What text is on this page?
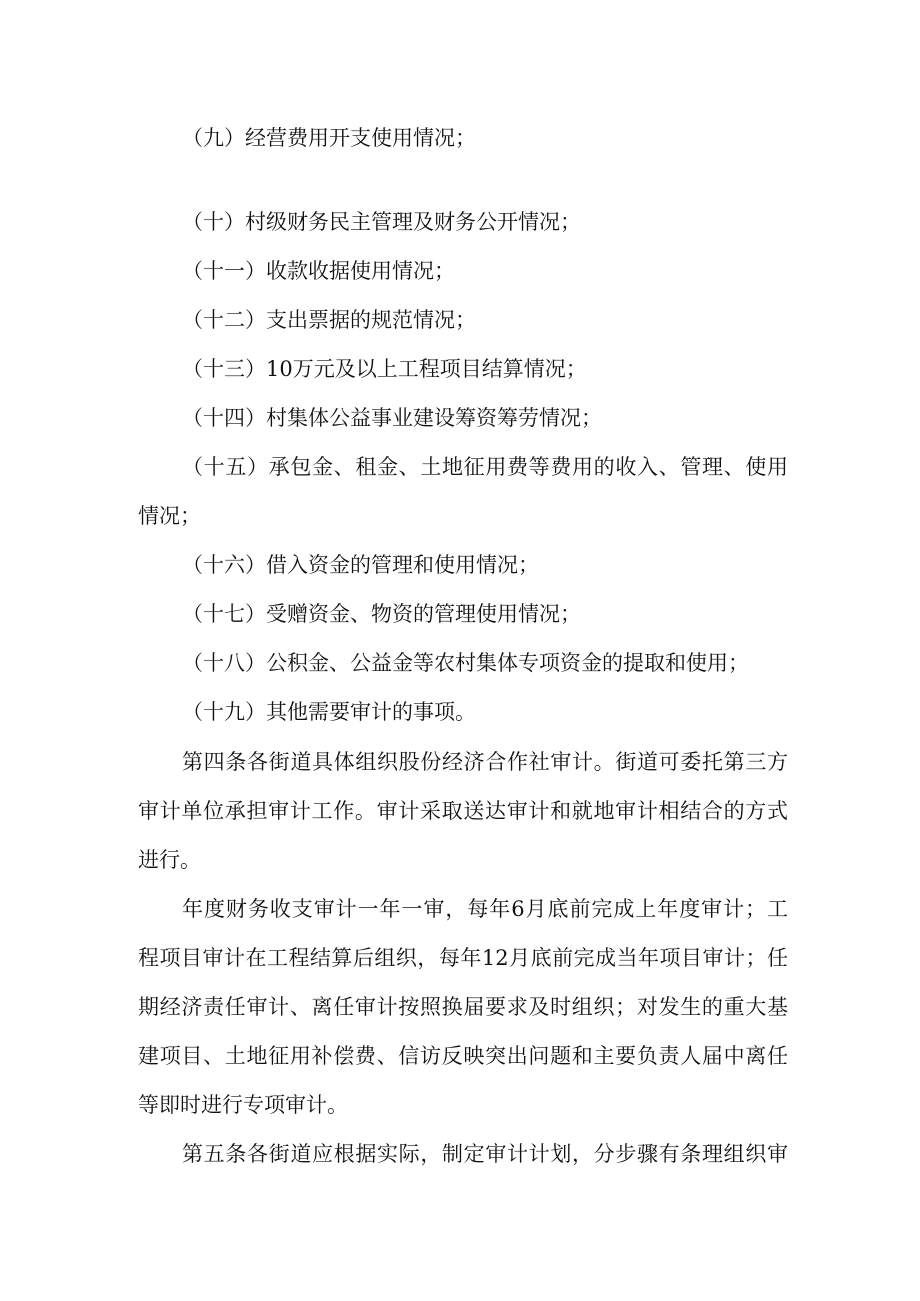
（九）经营费用开支使用情况；

（十）村级财务民主管理及财务公开情况；

（十一）收款收据使用情况；

（十二）支出票据的规范情况；

（十三）10万元及以上工程项目结算情况；

（十四）村集体公益事业建设筹资筹劳情况；

（十五）承包金、租金、土地征用费等费用的收入、管理、使用

情况；

（十六）借入资金的管理和使用情况；

（十七）受赠资金、物资的管理使用情况；

（十八）公积金、公益金等农村集体专项资金的提取和使用；

（十九）其他需要审计的事项。

第四条各街道具体组织股份经济合作社审计。街道可委托第三方

审计单位承担审计工作。审计采取送达审计和就地审计相结合的方式

进行。

年度财务收支审计一年一审，每年6月底前完成上年度审计；工

程项目审计在工程结算后组织，每年12月底前完成当年项目审计；任

期经济责任审计、离任审计按照换届要求及时组织；对发生的重大基

建项目、土地征用补偿费、信访反映突出问题和主要负责人届中离任

等即时进行专项审计。

第五条各街道应根据实际，制定审计计划，分步骤有条理组织审
